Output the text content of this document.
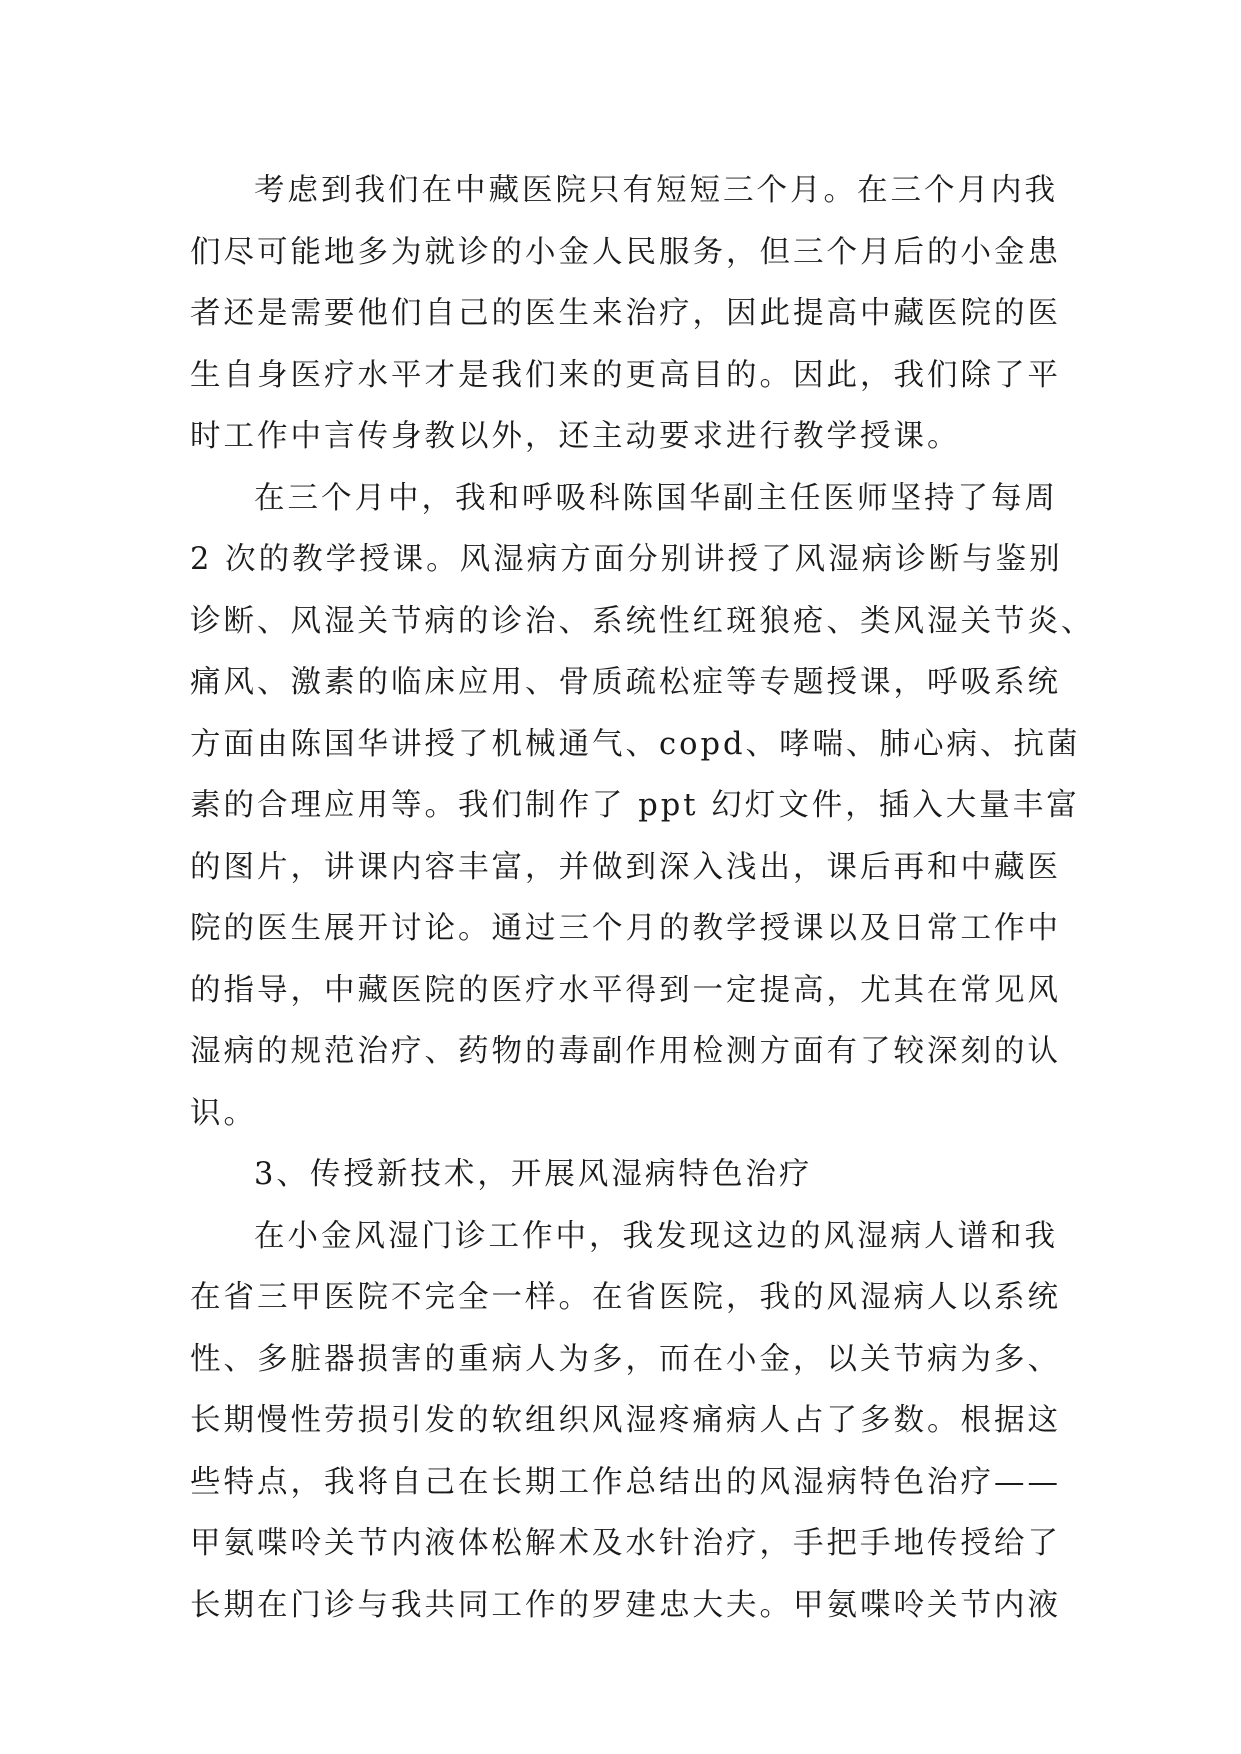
考虑到我们在中藏医院只有短短三个月。在三个月内我
们尽可能地多为就诊的小金人民服务，但三个月后的小金患
者还是需要他们自己的医生来治疗，因此提高中藏医院的医
生自身医疗水平才是我们来的更高目的。因此，我们除了平
时工作中言传身教以外，还主动要求进行教学授课。
在三个月中，我和呼吸科陈国华副主任医师坚持了每周
2 次的教学授课。风湿病方面分别讲授了风湿病诊断与鉴别
诊断、风湿关节病的诊治、系统性红斑狼疮、类风湿关节炎、
痛风、激素的临床应用、骨质疏松症等专题授课，呼吸系统
方面由陈国华讲授了机械通气、copd、哮喘、肺心病、抗菌
素的合理应用等。我们制作了 ppt 幻灯文件，插入大量丰富
的图片，讲课内容丰富，并做到深入浅出，课后再和中藏医
院的医生展开讨论。通过三个月的教学授课以及日常工作中
的指导，中藏医院的医疗水平得到一定提高，尤其在常见风
湿病的规范治疗、药物的毒副作用检测方面有了较深刻的认
识。
3、传授新技术，开展风湿病特色治疗
在小金风湿门诊工作中，我发现这边的风湿病人谱和我
在省三甲医院不完全一样。在省医院，我的风湿病人以系统
性、多脏器损害的重病人为多，而在小金，以关节病为多、
长期慢性劳损引发的软组织风湿疼痛病人占了多数。根据这
些特点，我将自己在长期工作总结出的风湿病特色治疗——
甲氨喋呤关节内液体松解术及水针治疗，手把手地传授给了
长期在门诊与我共同工作的罗建忠大夫。甲氨喋呤关节内液
